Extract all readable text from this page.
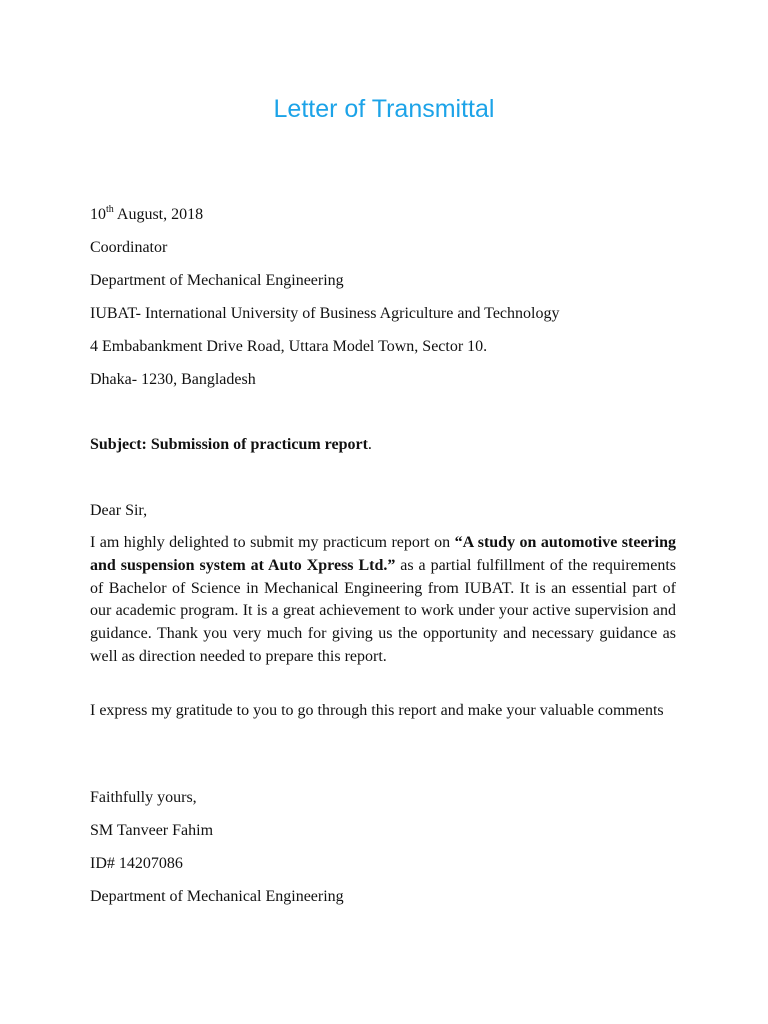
Letter of Transmittal
10th August, 2018
Coordinator
Department of Mechanical Engineering
IUBAT- International University of Business Agriculture and Technology
4 Embabankment Drive Road, Uttara Model Town, Sector 10.
Dhaka- 1230, Bangladesh
Subject: Submission of practicum report.
Dear Sir,
I am highly delighted to submit my practicum report on “A study on automotive steering and suspension system at Auto Xpress Ltd.” as a partial fulfillment of the requirements of Bachelor of Science in Mechanical Engineering from IUBAT. It is an essential part of our academic program. It is a great achievement to work under your active supervision and guidance. Thank you very much for giving us the opportunity and necessary guidance as well as direction needed to prepare this report.
I express my gratitude to you to go through this report and make your valuable comments
Faithfully yours,
SM Tanveer Fahim
ID# 14207086
Department of Mechanical Engineering
